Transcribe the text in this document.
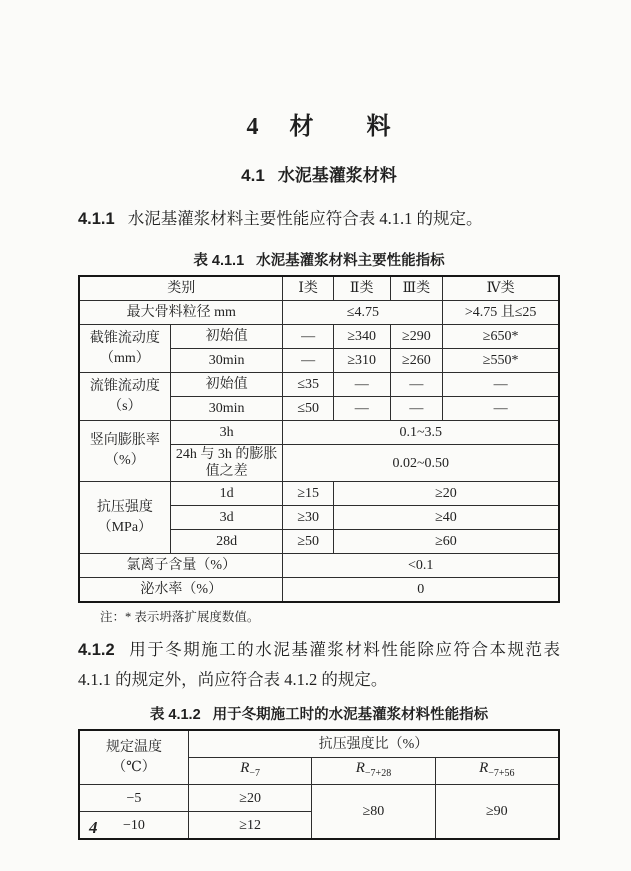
4 材 料
4.1 水泥基灌浆材料

4.1.1 水泥基灌浆材料主要性能应符合表 4.1.1 的规定。

表 4.1.1 水泥基灌浆材料主要性能指标

类别		Ⅰ类	Ⅱ类	Ⅲ类	Ⅳ类
最大骨料粒径 mm		≤4.75			>4.75 且≤25

截锥流动度
（mm）	初始值	—	≥340	≥290	≥650*
	30min	—	≥310	≥260	≥550*

流锥流动度
（s）	初始值	≤35	—	—	—
	30min	≤50	—	—	—

竖向膨胀率
（%）	3h	0.1~3.5			
	24h 与 3h 的膨胀值之差	0.02~0.50			

抗压强度
（MPa）	1d	≥15	≥20		
	3d	≥30	≥40		
	28d	≥50	≥60		
氯离子含量（%）		<0.1			
泌水率（%）		0			

注：* 表示坍落扩展度数值。

4.1.2 用于冬期施工的水泥基灌浆材料性能除应符合本规范表 4.1.1 的规定外，尚应符合表 4.1.2 的规定。

表 4.1.2 用于冬期施工时的水泥基灌浆材料性能指标

规定温度
（℃）	抗压强度比（%）		
	$R_{-7}$	$R_{-7+28}$	$R_{-7+56}$
−5	≥20	≥80	≥90
−10	≥12		
4
